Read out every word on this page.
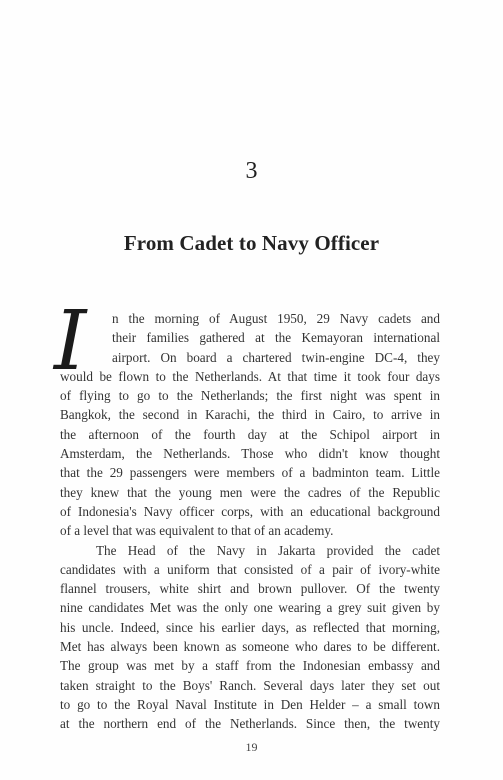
3
From Cadet to Navy Officer
I	n the morning of August 1950, 29 Navy cadets and
their families gathered at the Kemayoran international
airport. On board a chartered twin-engine DC-4, they
would be flown to the Netherlands. At that time it took four days
of flying to go to the Netherlands; the first night was spent in
Bangkok, the second in Karachi, the third in Cairo, to arrive in
the afternoon of the fourth day at the Schipol airport in
Amsterdam, the Netherlands. Those who didn't know thought
that the 29 passengers were members of a badminton team. Little
they knew that the young men were the cadres of the Republic
of Indonesia's Navy officer corps, with an educational background
of a level that was equivalent to that of an academy.
The Head of the Navy in Jakarta provided the cadet
candidates with a uniform that consisted of a pair of ivory-white
flannel trousers, white shirt and brown pullover. Of the twenty
nine candidates Met was the only one wearing a grey suit given by
his uncle. Indeed, since his earlier days, as reflected that morning,
Met has always been known as someone who dares to be different.
The group was met by a staff from the Indonesian embassy and
taken straight to the Boys' Ranch. Several days later they set out
to go to the Royal Naval Institute in Den Helder – a small town
at the northern end of the Netherlands. Since then, the twenty
19
